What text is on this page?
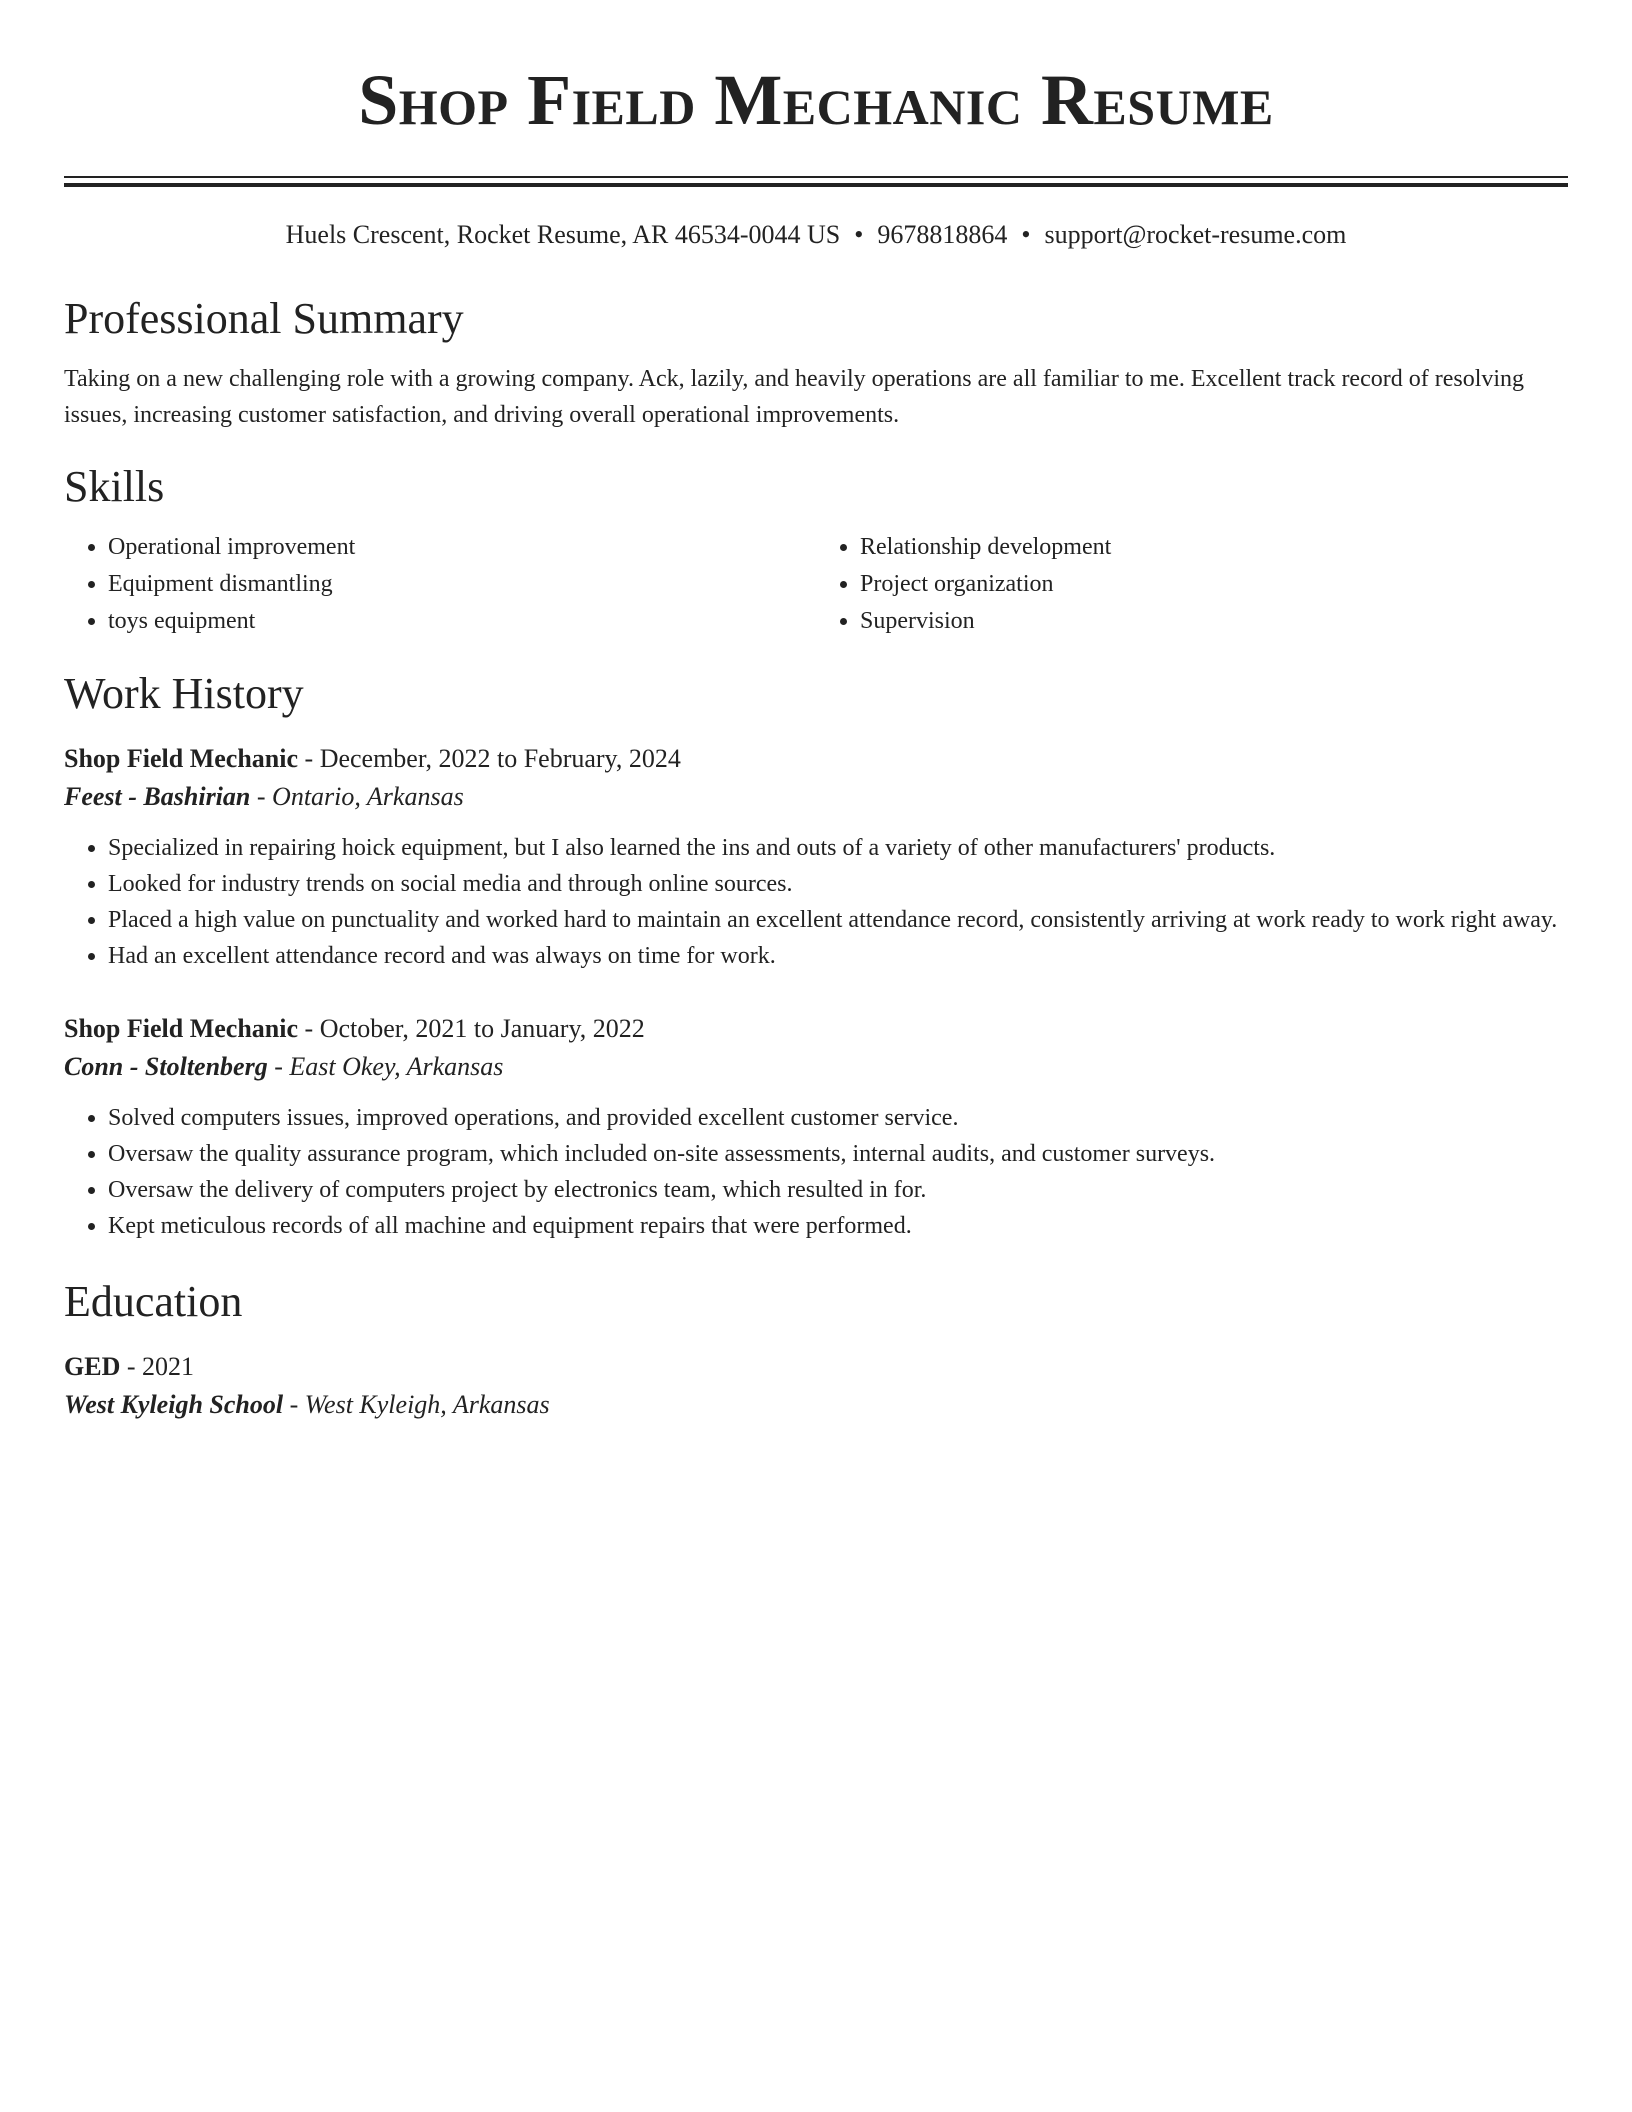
Shop Field Mechanic Resume
Huels Crescent, Rocket Resume, AR 46534-0044 US • 9678818864 • support@rocket-resume.com
Professional Summary

Taking on a new challenging role with a growing company. Ack, lazily, and heavily operations are all familiar to me. Excellent track record of resolving issues, increasing customer satisfaction, and driving overall operational improvements.

Skills
• Operational improvement
• Equipment dismantling
• toys equipment
• Relationship development
• Project organization
• Supervision
Work History
Shop Field Mechanic - December, 2022 to February, 2024
Feest - Bashirian - Ontario, Arkansas
• Specialized in repairing hoick equipment, but I also learned the ins and outs of a variety of other manufacturers' products.
• Looked for industry trends on social media and through online sources.
• Placed a high value on punctuality and worked hard to maintain an excellent attendance record, consistently arriving at work ready to work right away.
• Had an excellent attendance record and was always on time for work.
Shop Field Mechanic - October, 2021 to January, 2022
Conn - Stoltenberg - East Okey, Arkansas
• Solved computers issues, improved operations, and provided excellent customer service.
• Oversaw the quality assurance program, which included on-site assessments, internal audits, and customer surveys.
• Oversaw the delivery of computers project by electronics team, which resulted in for.
• Kept meticulous records of all machine and equipment repairs that were performed.
Education
GED - 2021
West Kyleigh School - West Kyleigh, Arkansas
